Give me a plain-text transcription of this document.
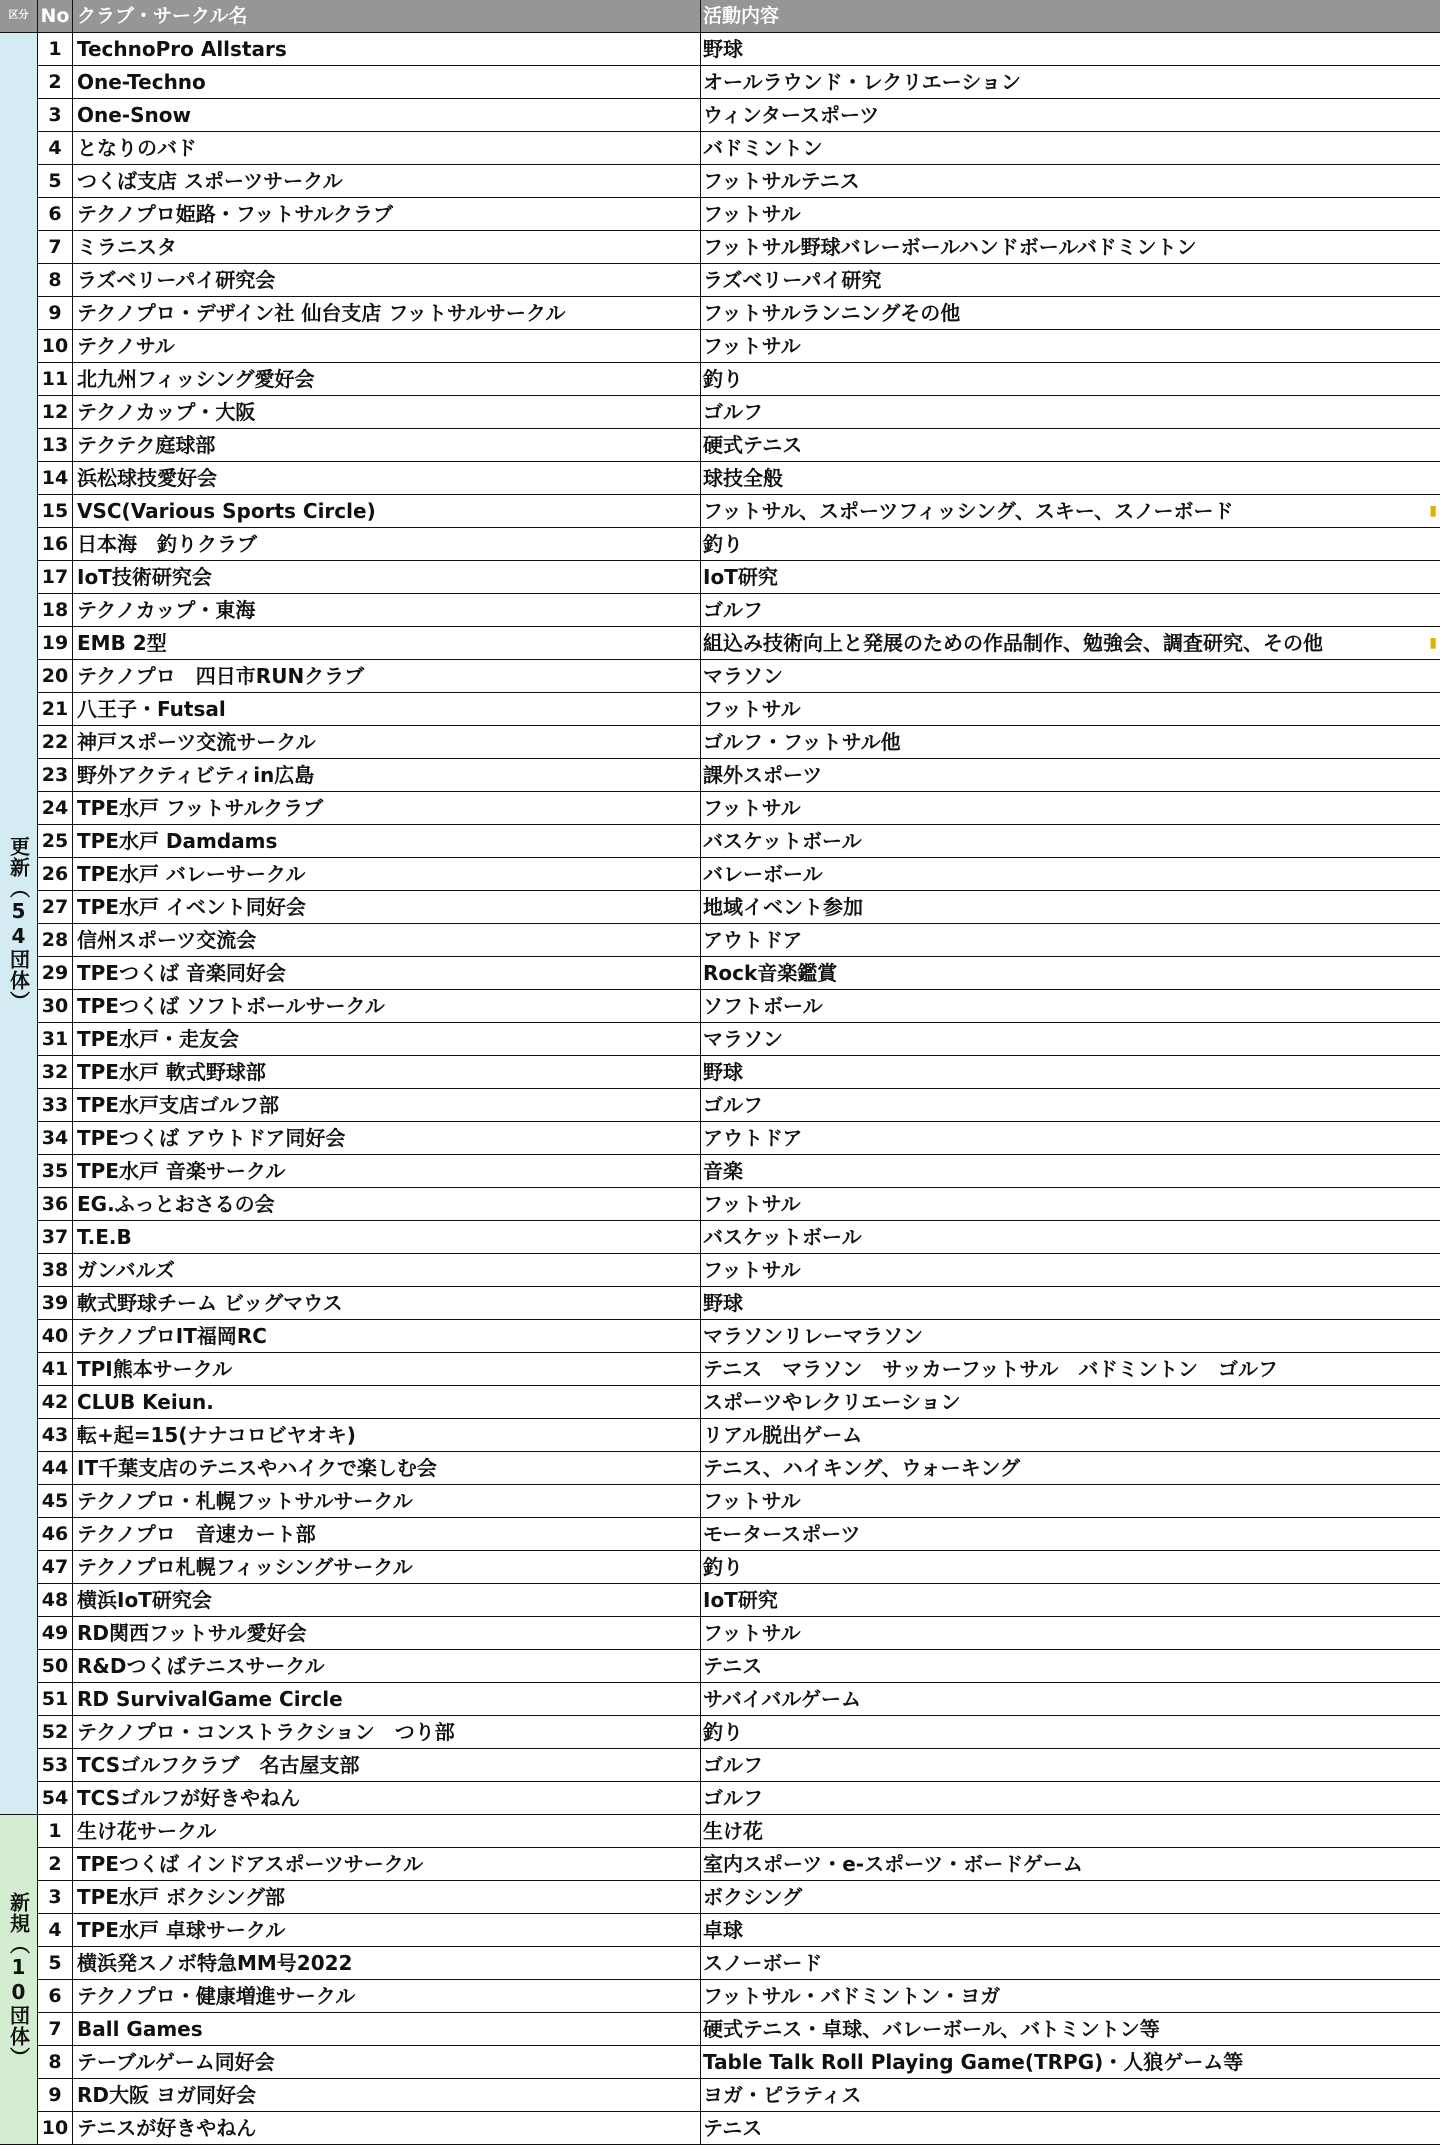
区分 No クラブ・サークル名	活動内容
更新（54団体）
1 TechnoPro Allstars	野球
2 One-Techno	オールラウンド・レクリエーション
3 One-Snow	ウィンタースポーツ
4 となりのバド	バドミントン
5 つくば支店 スポーツサークル	フットサルテニス
6 テクノプロ姫路・フットサルクラブ	フットサル
7 ミラニスタ	フットサル野球バレーボールハンドボールバドミントン
8 ラズベリーパイ研究会	ラズベリーパイ研究
9 テクノプロ・デザイン社 仙台支店 フットサルサークル	フットサルランニングその他
10 テクノサル	フットサル
11 北九州フィッシング愛好会	釣り
12 テクノカップ・大阪	ゴルフ
13 テクテク庭球部	硬式テニス
14 浜松球技愛好会	球技全般
15 VSC(Various Sports Circle)	フットサル、スポーツフィッシング、スキー、スノーボード	▮
16 日本海　釣りクラブ	釣り
17 IoT技術研究会	IoT研究
18 テクノカップ・東海	ゴルフ
19 EMB 2型	組込み技術向上と発展のための作品制作、勉強会、調査研究、その他	▮
20 テクノプロ　四日市RUNクラブ	マラソン
21 八王子・Futsal	フットサル
22 神戸スポーツ交流サークル	ゴルフ・フットサル他
23 野外アクティビティin広島	課外スポーツ
24 TPE水戸 フットサルクラブ	フットサル
25 TPE水戸 Damdams	バスケットボール
26 TPE水戸 バレーサークル	バレーボール
27 TPE水戸 イベント同好会	地域イベント参加
28 信州スポーツ交流会	アウトドア
29 TPEつくば 音楽同好会	Rock音楽鑑賞
30 TPEつくば ソフトボールサークル	ソフトボール
31 TPE水戸・走友会	マラソン
32 TPE水戸 軟式野球部	野球
33 TPE水戸支店ゴルフ部	ゴルフ
34 TPEつくば アウトドア同好会	アウトドア
35 TPE水戸 音楽サークル	音楽
36 EG.ふっとおさるの会	フットサル
37 T.E.B	バスケットボール
38 ガンバルズ	フットサル
39 軟式野球チーム ビッグマウス	野球
40 テクノプロIT福岡RC	マラソンリレーマラソン
41 TPI熊本サークル	テニス　マラソン　サッカーフットサル　バドミントン　ゴルフ
42 CLUB Keiun.	スポーツやレクリエーション
43 転+起=15(ナナコロビヤオキ)	リアル脱出ゲーム
44 IT千葉支店のテニスやハイクで楽しむ会	テニス、ハイキング、ウォーキング
45 テクノプロ・札幌フットサルサークル	フットサル
46 テクノプロ　音速カート部	モータースポーツ
47 テクノプロ札幌フィッシングサークル	釣り
48 横浜IoT研究会	IoT研究
49 RD関西フットサル愛好会	フットサル
50 R&Dつくばテニスサークル	テニス
51 RD SurvivalGame Circle	サバイバルゲーム
52 テクノプロ・コンストラクション　つり部	釣り
53 TCSゴルフクラブ　名古屋支部	ゴルフ
54 TCSゴルフが好きやねん	ゴルフ
新規（10団体）
1 生け花サークル	生け花
2 TPEつくば インドアスポーツサークル	室内スポーツ・e-スポーツ・ボードゲーム
3 TPE水戸 ボクシング部	ボクシング
4 TPE水戸 卓球サークル	卓球
5 横浜発スノボ特急MM号2022	スノーボード
6 テクノプロ・健康増進サークル	フットサル・バドミントン・ヨガ
7 Ball Games	硬式テニス・卓球、バレーボール、バトミントン等
8 テーブルゲーム同好会	Table Talk Roll Playing Game(TRPG)・人狼ゲーム等
9 RD大阪 ヨガ同好会	ヨガ・ピラティス
10 テニスが好きやねん	テニス
